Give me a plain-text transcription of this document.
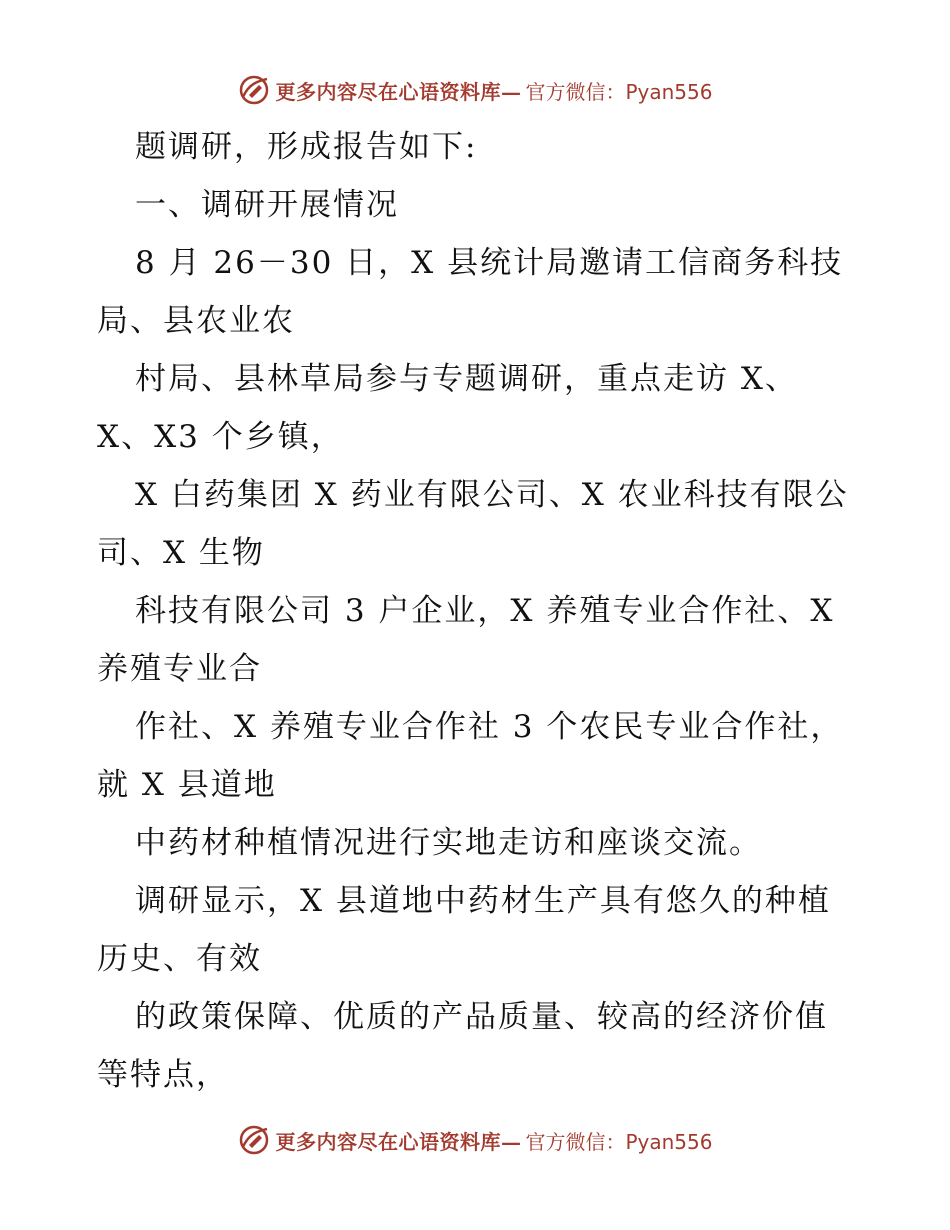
更多内容尽在心语资料库— 官方微信：Pyan556
题调研，形成报告如下:
一、调研开展情况
8 月 26－30 日，X 县统计局邀请工信商务科技
局、县农业农
村局、县林草局参与专题调研，重点走访 X、
X、X3 个乡镇，
X 白药集团 X 药业有限公司、X 农业科技有限公
司、X 生物
科技有限公司 3 户企业，X 养殖专业合作社、X
养殖专业合
作社、X 养殖专业合作社 3 个农民专业合作社，
就 X 县道地
中药材种植情况进行实地走访和座谈交流。
调研显示，X 县道地中药材生产具有悠久的种植
历史、有效
的政策保障、优质的产品质量、较高的经济价值
等特点，
更多内容尽在心语资料库— 官方微信：Pyan556
